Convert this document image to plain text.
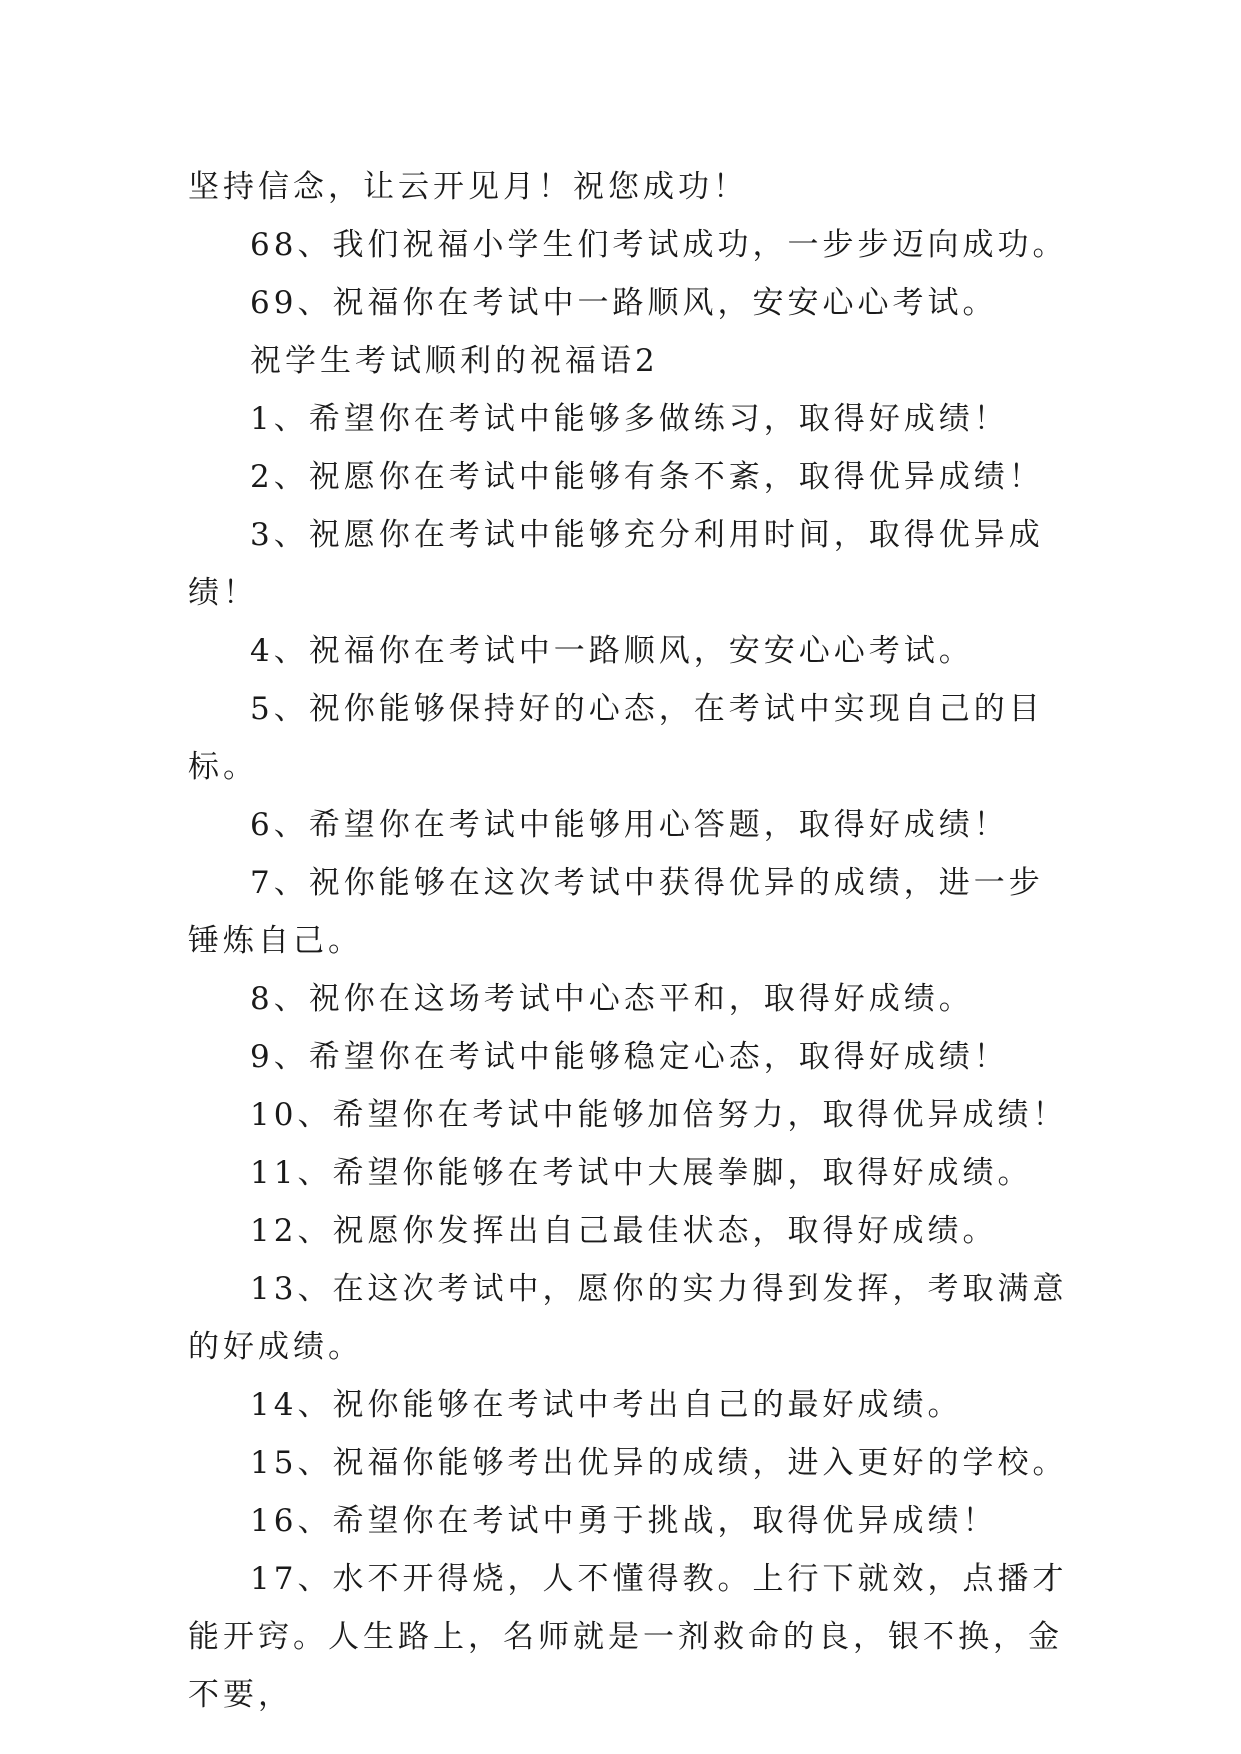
坚持信念，让云开见月！祝您成功！

68、我们祝福小学生们考试成功，一步步迈向成功。

69、祝福你在考试中一路顺风，安安心心考试。

祝学生考试顺利的祝福语2

1、希望你在考试中能够多做练习，取得好成绩！

2、祝愿你在考试中能够有条不紊，取得优异成绩！

3、祝愿你在考试中能够充分利用时间，取得优异成绩！

4、祝福你在考试中一路顺风，安安心心考试。

5、祝你能够保持好的心态，在考试中实现自己的目标。

6、希望你在考试中能够用心答题，取得好成绩！

7、祝你能够在这次考试中获得优异的成绩，进一步锤炼自己。

8、祝你在这场考试中心态平和，取得好成绩。

9、希望你在考试中能够稳定心态，取得好成绩！

10、希望你在考试中能够加倍努力，取得优异成绩！

11、希望你能够在考试中大展拳脚，取得好成绩。

12、祝愿你发挥出自己最佳状态，取得好成绩。

13、在这次考试中，愿你的实力得到发挥，考取满意的好成绩。

14、祝你能够在考试中考出自己的最好成绩。

15、祝福你能够考出优异的成绩，进入更好的学校。

16、希望你在考试中勇于挑战，取得优异成绩！

17、水不开得烧，人不懂得教。上行下就效，点播才能开窍。人生路上，名师就是一剂救命的良，银不换，金不要，
